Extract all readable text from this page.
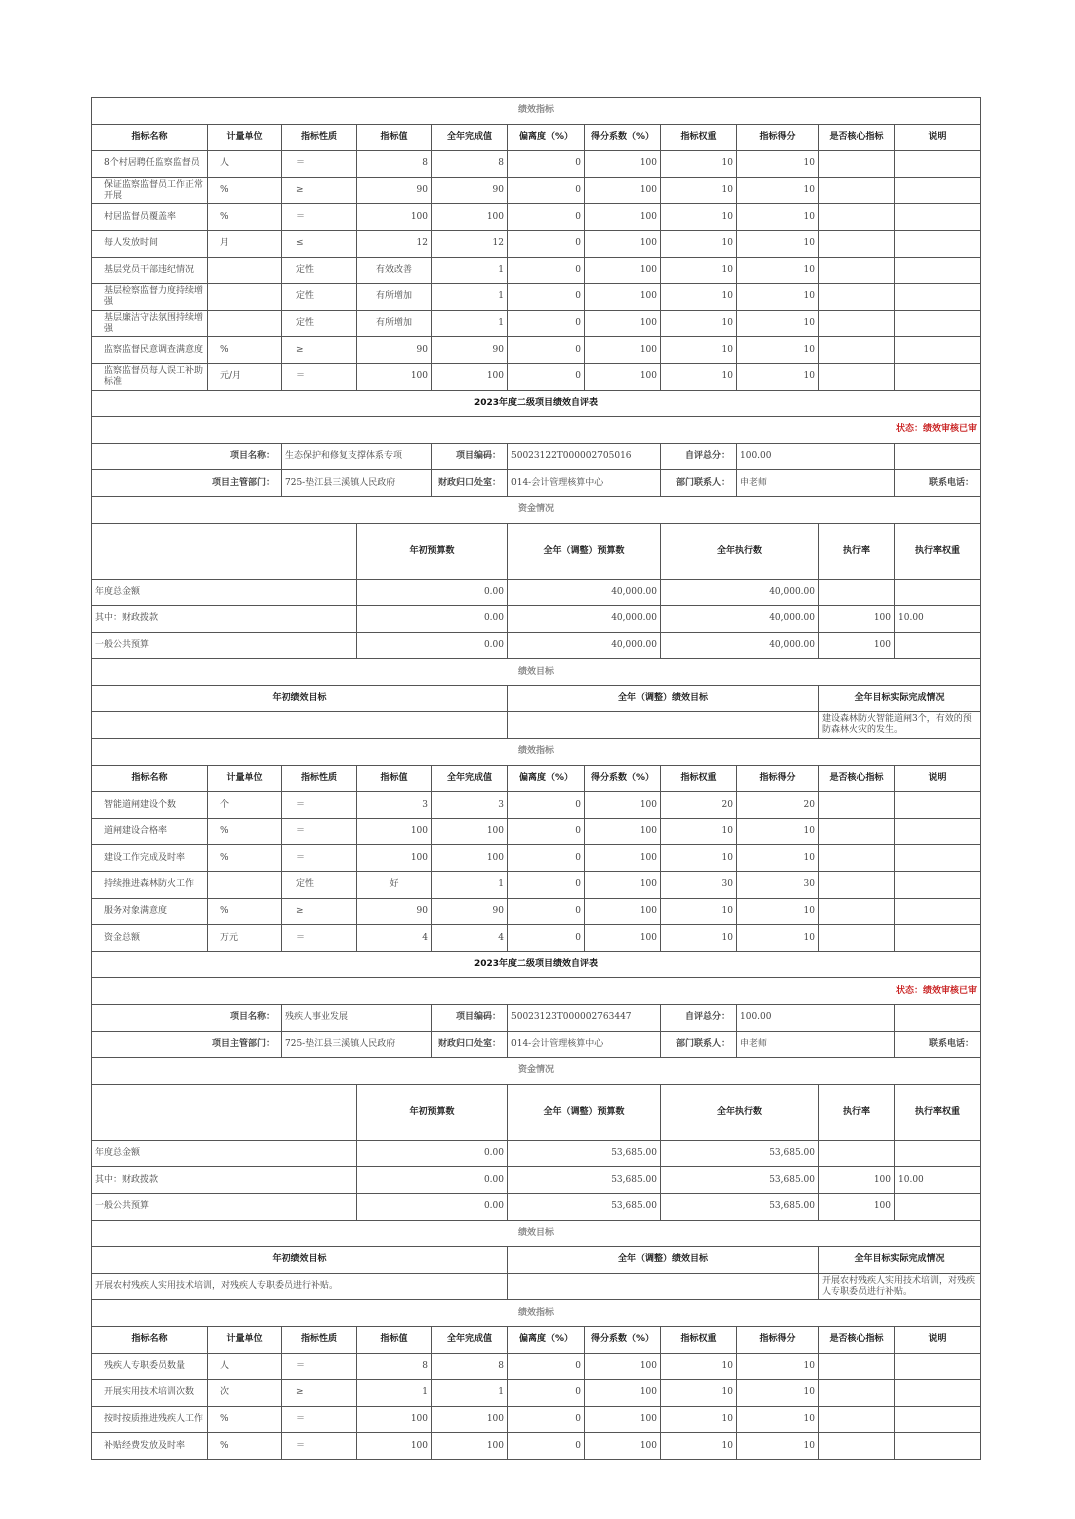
绩效指标											
指标名称	计量单位	指标性质	指标值	全年完成值	偏离度（%）	得分系数（%）	指标权重	指标得分	是否核心指标	说明	
8个村居聘任监察监督员	人	＝	8	8	0	100	10	10			
保证监察监督员工作正常开展	%	≥	90	90	0	100	10	10			
村居监督员覆盖率	%	＝	100	100	0	100	10	10			
每人发放时间	月	≤	12	12	0	100	10	10			
基层党员干部违纪情况		定性	有效改善	1	0	100	10	10			
基层检察监督力度持续增强		定性	有所增加	1	0	100	10	10			
基层廉洁守法氛围持续增强		定性	有所增加	1	0	100	10	10			
监察监督民意调查满意度	%	≥	90	90	0	100	10	10			
监察监督员每人误工补助标准	元/月	＝	100	100	0	100	10	10			
2023年度二级项目绩效自评表											
状态：绩效审核已审											
项目名称：		生态保护和修复支撑体系专项		项目编码：	50023122T000002705016		自评总分：	100.00			
项目主管部门：		725-垫江县三溪镇人民政府		财政归口处室：	014-会计管理核算中心		部门联系人：	申老师		联系电话：	
资金情况											
			年初预算数		全年（调整）预算数		全年执行数		执行率	执行率权重	
年度总金额			0.00		40,000.00		40,000.00				
其中：财政拨款			0.00		40,000.00		40,000.00		100	10.00	
一般公共预算			0.00		40,000.00		40,000.00		100		
绩效目标											
年初绩效目标					全年（调整）绩效目标				全年目标实际完成情况		
									建设森林防火智能道闸3个，有效的预防森林火灾的发生。		
绩效指标											
指标名称	计量单位	指标性质	指标值	全年完成值	偏离度（%）	得分系数（%）	指标权重	指标得分	是否核心指标	说明	
智能道闸建设个数	个	＝	3	3	0	100	20	20			
道闸建设合格率	%	＝	100	100	0	100	10	10			
建设工作完成及时率	%	＝	100	100	0	100	10	10			
持续推进森林防火工作		定性	好	1	0	100	30	30			
服务对象满意度	%	≥	90	90	0	100	10	10			
资金总额	万元	＝	4	4	0	100	10	10			
2023年度二级项目绩效自评表											
状态：绩效审核已审											
项目名称：		残疾人事业发展		项目编码：	50023123T000002763447		自评总分：	100.00			
项目主管部门：		725-垫江县三溪镇人民政府		财政归口处室：	014-会计管理核算中心		部门联系人：	申老师		联系电话：	
资金情况											
			年初预算数		全年（调整）预算数		全年执行数		执行率	执行率权重	
年度总金额			0.00		53,685.00		53,685.00				
其中：财政拨款			0.00		53,685.00		53,685.00		100	10.00	
一般公共预算			0.00		53,685.00		53,685.00		100		
绩效目标											
年初绩效目标					全年（调整）绩效目标				全年目标实际完成情况		
开展农村残疾人实用技术培训，对残疾人专职委员进行补贴。									开展农村残疾人实用技术培训，对残疾人专职委员进行补贴。		
绩效指标											
指标名称	计量单位	指标性质	指标值	全年完成值	偏离度（%）	得分系数（%）	指标权重	指标得分	是否核心指标	说明	
残疾人专职委员数量	人	＝	8	8	0	100	10	10			
开展实用技术培训次数	次	≥	1	1	0	100	10	10			
按时按质推进残疾人工作	%	＝	100	100	0	100	10	10			
补贴经费发放及时率	%	＝	100	100	0	100	10	10			
